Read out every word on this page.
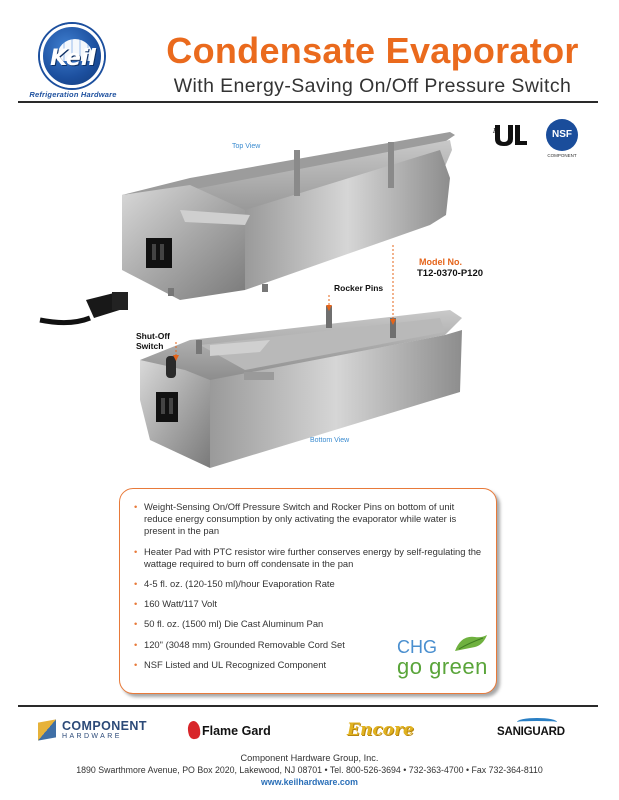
Keil
Refrigeration Hardware
Condensate Evaporator
With Energy-Saving On/Off Pressure Switch
R	NSF
COMPONENT
Top View
Bottom View
Rocker Pins
Shut-Off
Switch
Model No.
T12-0370-P120
• Weight-Sensing On/Off Pressure Switch and Rocker Pins on bottom of unit reduce energy consumption by only activating the evaporator while water is present in the pan
• Heater Pad with PTC resistor wire further conserves energy by self-regulating the wattage required to burn off condensate in the pan
• 4-5 fl. oz. (120-150 ml)/hour Evaporation Rate
• 160 Watt/117 Volt
• 50 fl. oz. (1500 ml) Die Cast Aluminum Pan
• 120" (3048 mm) Grounded Removable Cord Set
• NSF Listed and UL Recognized Component
CHG
go green
COMPONENT
HARDWARE	Flame Gard	Encore	SANIGUARD
Component Hardware Group, Inc.
1890 Swarthmore Avenue, PO Box 2020, Lakewood, NJ 08701 • Tel. 800-526-3694 • 732-363-4700 • Fax 732-364-8110
www.keilhardware.com
